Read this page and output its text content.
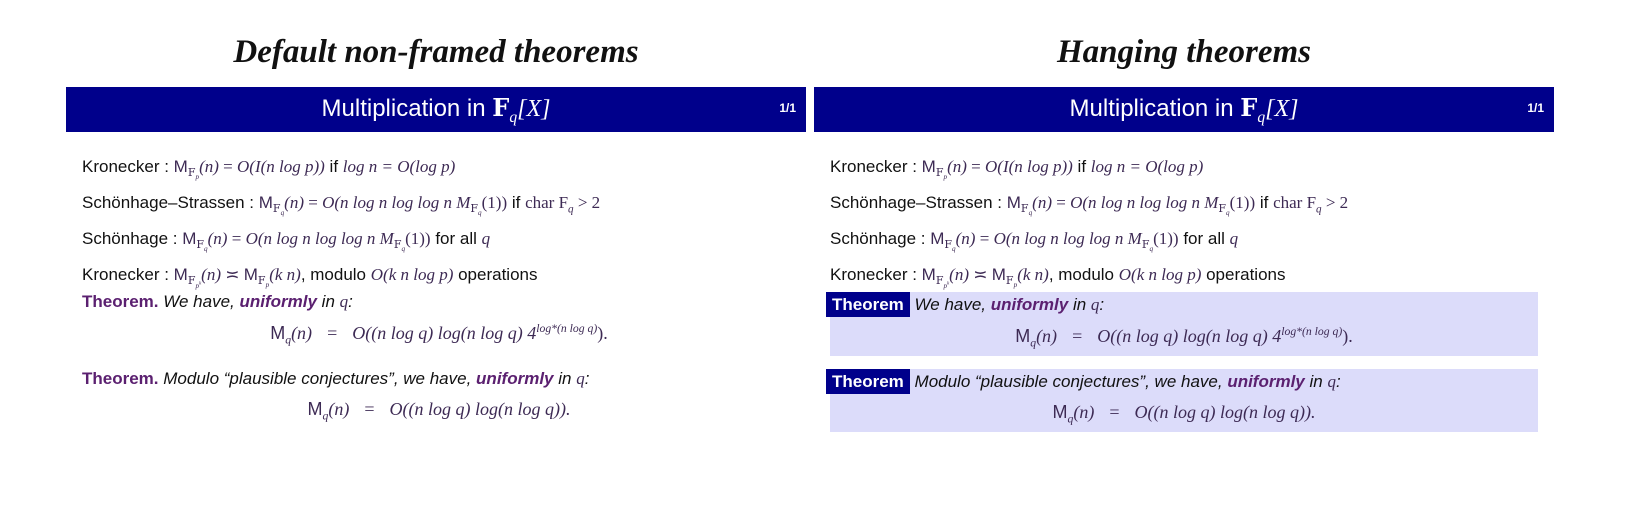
Default non-framed theorems
Multiplication in $F_q[X]$	1/1
Kronecker : $M_{F_p}(n) = O(I(n$ log p)) if log n = O(log p)
Schönhage–Strassen : $M_{F_q}(n) = O(n$ log n log log n $M_{F_q}(1)$) if char $F_q > 2$
Schönhage : $M_{F_q}(n) = O(n$ log n log log n $M_{F_q}(1)$) for all q
Kronecker : $M_{F_{p^k}}(n)$ ≍ $M_{F_p}(k$ n), modulo O(k n log p) operations
Theorem. We have, uniformly in q:
$M_q(n) = O((n$ log q) log(n log q) $4^{log*(n log q)}$).
Theorem. Modulo “plausible conjectures”, we have, uniformly in q:
$M_q(n) = O((n$ log q) log(n log q)).
Hanging theorems
Multiplication in $F_q[X]$	1/1
Kronecker : $M_{F_p}(n) = O(I(n$ log p)) if log n = O(log p)
Schönhage–Strassen : $M_{F_q}(n) = O(n$ log n log log n $M_{F_q}(1)$) if char $F_q > 2$
Schönhage : $M_{F_q}(n) = O(n$ log n log log n $M_{F_q}(1)$) for all q
Kronecker : $M_{F_{p^k}}(n)$ ≍ $M_{F_p}(k$ n), modulo O(k n log p) operations
Theorem We have, uniformly in q:
$M_q(n) = O((n$ log q) log(n log q) $4^{log*(n log q)}$).
Theorem Modulo “plausible conjectures”, we have, uniformly in q:
$M_q(n) = O((n$ log q) log(n log q)).
